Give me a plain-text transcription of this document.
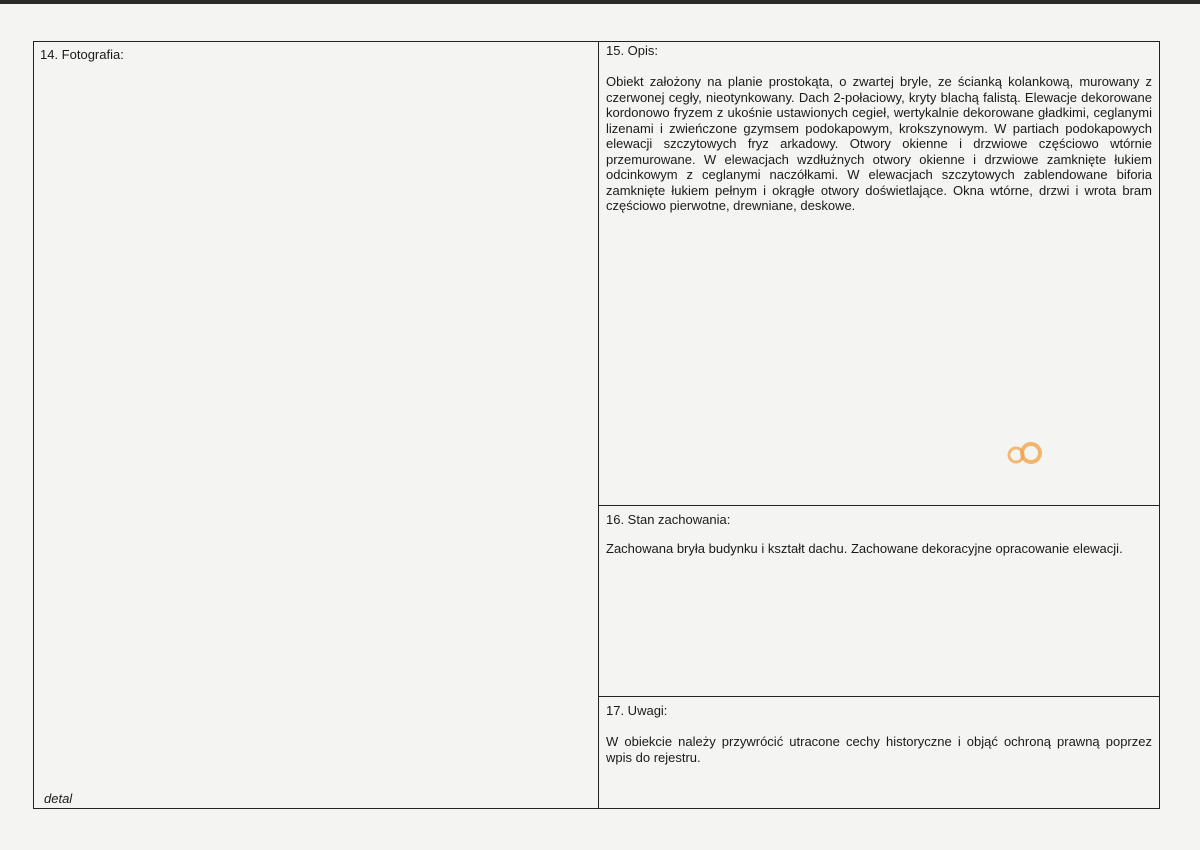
14. Fotografia:
detal
15. Opis:
Obiekt założony na planie prostokąta, o zwartej bryle, ze ścianką kolankową, murowany z czerwonej cegły, nieotynkowany. Dach 2-połaciowy, kryty blachą falistą. Elewacje dekorowane kordonowo fryzem z ukośnie ustawionych cegieł, wertykalnie dekorowane gładkimi, ceglanymi lizenami i zwieńczone gzymsem podokapowym, krokszynowym. W partiach podokapowych elewacji szczytowych fryz arkadowy. Otwory okienne i drzwiowe częściowo wtórnie przemurowane. W elewacjach wzdłużnych otwory okienne i drzwiowe zamknięte łukiem odcinkowym z ceglanymi naczółkami. W elewacjach szczytowych zablendowane biforia zamknięte łukiem pełnym i okrągłe otwory doświetlające. Okna wtórne, drzwi i wrota bram częściowo pierwotne, drewniane, deskowe.
16. Stan zachowania:
Zachowana bryła budynku i kształt dachu. Zachowane dekoracyjne opracowanie elewacji.
17. Uwagi:
W obiekcie należy przywrócić utracone cechy historyczne i objąć ochroną prawną poprzez wpis do rejestru.
